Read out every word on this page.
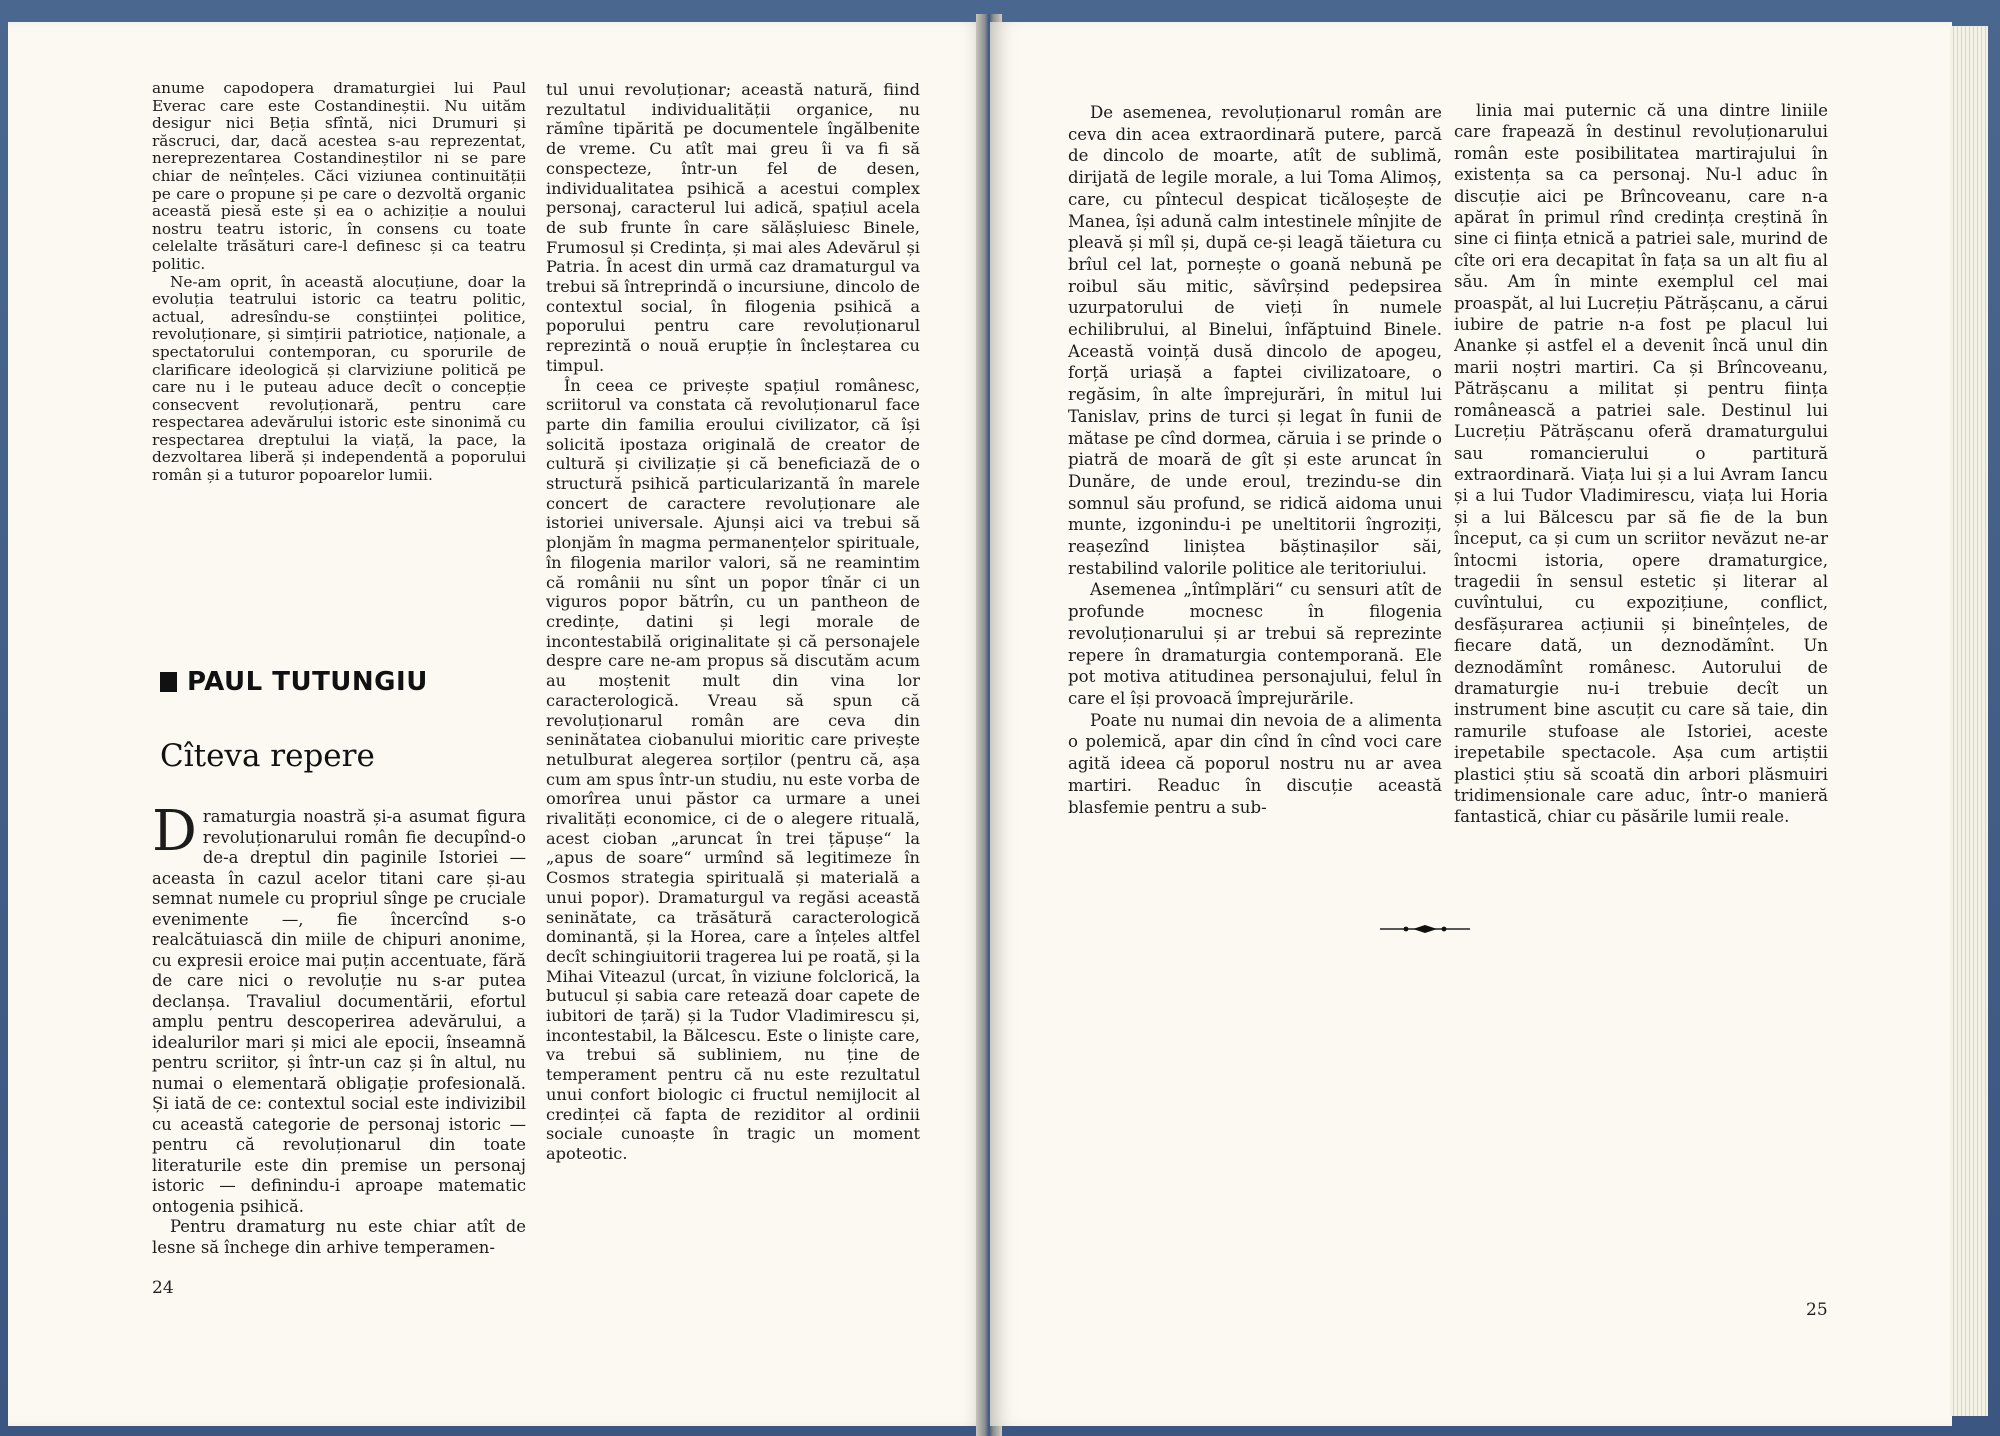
anume capodopera dramaturgiei lui Paul Everac care este Costandineștii. Nu uităm desigur nici Beția sfîntă, nici Drumuri și răscruci, dar, dacă acestea s-au reprezentat, nereprezentarea Costandineștilor ni se pare chiar de neînțeles. Căci viziunea continuității pe care o propune și pe care o dezvoltă organic această piesă este și ea o achiziție a noului nostru teatru istoric, în consens cu toate celelalte trăsături care-l definesc și ca teatru politic.

Ne-am oprit, în această alocuțiune, doar la evoluția teatrului istoric ca teatru politic, actual, adresîndu-se conștiinței politice, revoluționare, și simțirii patriotice, naționale, a spectatorului contemporan, cu sporurile de clarificare ideologică și clarviziune politică pe care nu i le puteau aduce decît o concepție consecvent revoluționară, pentru care respectarea adevărului istoric este sinonimă cu respectarea dreptului la viață, la pace, la dezvoltarea liberă și independentă a poporului român și a tuturor popoarelor lumii.

PAUL TUTUNGIU
Cîteva repere

Dramaturgia noastră și-a asumat figura revoluționarului român fie decupînd-o de-a dreptul din paginile Istoriei — aceasta în cazul acelor titani care și-au semnat numele cu propriul sînge pe cruciale evenimente —, fie încercînd s-o realcătuiască din miile de chipuri anonime, cu expresii eroice mai puțin accentuate, fără de care nici o revoluție nu s-ar putea declanșa. Travaliul documentării, efortul amplu pentru descoperirea adevărului, a idealurilor mari și mici ale epocii, înseamnă pentru scriitor, și într-un caz și în altul, nu numai o elementară obligație profesională. Și iată de ce: contextul social este indivizibil cu această categorie de personaj istoric — pentru că revoluționarul din toate literaturile este din premise un personaj istoric — definindu-i aproape matematic ontogenia psihică.

Pentru dramaturg nu este chiar atît de lesne să închege din arhive temperamen-

tul unui revoluționar; această natură, fiind rezultatul individualității organice, nu rămîne tipărită pe documentele îngălbenite de vreme. Cu atît mai greu îi va fi să conspecteze, într-un fel de desen, individualitatea psihică a acestui complex personaj, caracterul lui adică, spațiul acela de sub frunte în care sălășluiesc Binele, Frumosul și Credința, și mai ales Adevărul și Patria. În acest din urmă caz dramaturgul va trebui să întreprindă o incursiune, dincolo de contextul social, în filogenia psihică a poporului pentru care revoluționarul reprezintă o nouă erupție în încleștarea cu timpul.

În ceea ce privește spațiul românesc, scriitorul va constata că revoluționarul face parte din familia eroului civilizator, că își solicită ipostaza originală de creator de cultură și civilizație și că beneficiază de o structură psihică particularizantă în marele concert de caractere revoluționare ale istoriei universale. Ajunși aici va trebui să plonjăm în magma permanențelor spirituale, în filogenia marilor valori, să ne reamintim că românii nu sînt un popor tînăr ci un viguros popor bătrîn, cu un pantheon de credințe, datini și legi morale de incontestabilă originalitate și că personajele despre care ne-am propus să discutăm acum au moștenit mult din vina lor caracterologică. Vreau să spun că revoluționarul român are ceva din seninătatea ciobanului mioritic care privește netulburat alegerea sorților (pentru că, așa cum am spus într-un studiu, nu este vorba de omorîrea unui păstor ca urmare a unei rivalități economice, ci de o alegere rituală, acest cioban „aruncat în trei țăpușe“ la „apus de soare“ urmînd să legitimeze în Cosmos strategia spirituală și materială a unui popor). Dramaturgul va regăsi această seninătate, ca trăsătură caracterologică dominantă, și la Horea, care a înțeles altfel decît schingiuitorii tragerea lui pe roată, și la Mihai Viteazul (urcat, în viziune folclorică, la butucul și sabia care retează doar capete de iubitori de țară) și la Tudor Vladimirescu și, incontestabil, la Bălcescu. Este o liniște care, va trebui să subliniem, nu ține de temperament pentru că nu este rezultatul unui confort biologic ci fructul nemijlocit al credinței că fapta de reziditor al ordinii sociale cunoaște în tragic un moment apoteotic.

24

De asemenea, revoluționarul român are ceva din acea extraordinară putere, parcă de dincolo de moarte, atît de sublimă, dirijată de legile morale, a lui Toma Alimoș, care, cu pîntecul despicat ticăloșește de Manea, își adună calm intestinele mînjite de pleavă și mîl și, după ce-și leagă tăietura cu brîul cel lat, pornește o goană nebună pe roibul său mitic, săvîrșind pedepsirea uzurpatorului de vieți în numele echilibrului, al Binelui, înfăptuind Binele. Această voință dusă dincolo de apogeu, forță uriașă a faptei civilizatoare, o regăsim, în alte împrejurări, în mitul lui Tanislav, prins de turci și legat în funii de mătase pe cînd dormea, căruia i se prinde o piatră de moară de gît și este aruncat în Dunăre, de unde eroul, trezindu-se din somnul său profund, se ridică aidoma unui munte, izgonindu-i pe uneltitorii îngroziți, reașezînd liniștea băștinașilor săi, restabilind valorile politice ale teritoriului.

Asemenea „întîmplări“ cu sensuri atît de profunde mocnesc în filogenia revoluționarului și ar trebui să reprezinte repere în dramaturgia contemporană. Ele pot motiva atitudinea personajului, felul în care el își provoacă împrejurările.

Poate nu numai din nevoia de a alimenta o polemică, apar din cînd în cînd voci care agită ideea că poporul nostru nu ar avea martiri. Readuc în discuție această blasfemie pentru a sub-

linia mai puternic că una dintre liniile care frapează în destinul revoluționarului român este posibilitatea martirajului în existența sa ca personaj. Nu-l aduc în discuție aici pe Brîncoveanu, care n-a apărat în primul rînd credința creștină în sine ci ființa etnică a patriei sale, murind de cîte ori era decapitat în fața sa un alt fiu al său. Am în minte exemplul cel mai proaspăt, al lui Lucrețiu Pătrășcanu, a cărui iubire de patrie n-a fost pe placul lui Ananke și astfel el a devenit încă unul din marii noștri martiri. Ca și Brîncoveanu, Pătrășcanu a militat și pentru ființa românească a patriei sale. Destinul lui Lucrețiu Pătrășcanu oferă dramaturgului sau romancierului o partitură extraordinară. Viața lui și a lui Avram Iancu și a lui Tudor Vladimirescu, viața lui Horia și a lui Bălcescu par să fie de la bun început, ca și cum un scriitor nevăzut ne-ar întocmi istoria, opere dramaturgice, tragedii în sensul estetic și literar al cuvîntului, cu expozițiune, conflict, desfășurarea acțiunii și bineînțeles, de fiecare dată, un deznodămînt. Un deznodămînt românesc. Autorului de dramaturgie nu-i trebuie decît un instrument bine ascuțit cu care să taie, din ramurile stufoase ale Istoriei, aceste irepetabile spectacole. Așa cum artiștii plastici știu să scoată din arbori plăsmuiri tridimensionale care aduc, într-o manieră fantastică, chiar cu păsările lumii reale.

25
